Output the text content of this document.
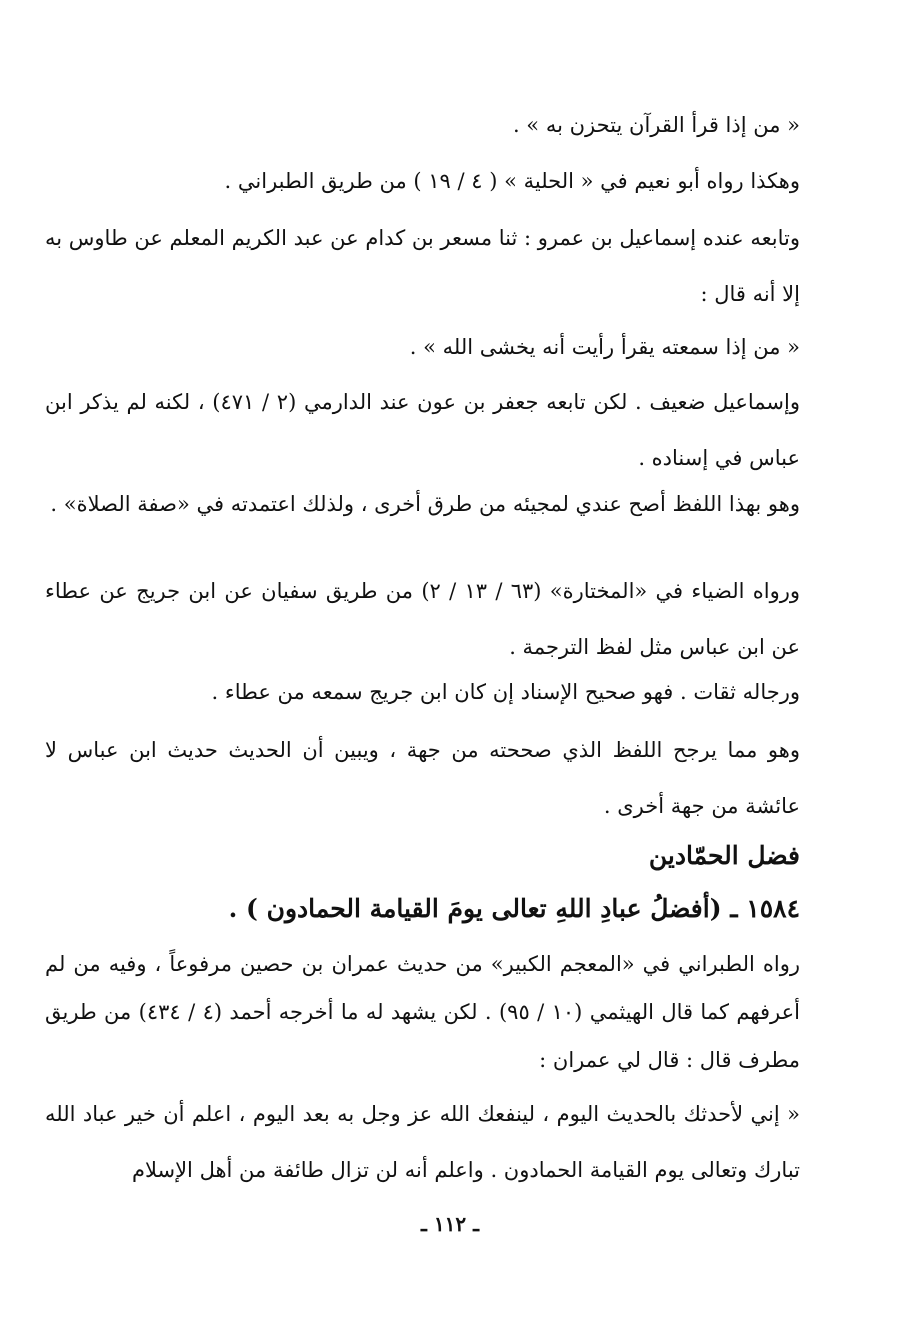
« من إذا قرأ القرآن يتحزن به » .
وهكذا رواه أبو نعيم في « الحلية » ( ٤ / ١٩ ) من طريق الطبراني .
وتابعه عنده إسماعيل بن عمرو : ثنا مسعر بن كدام عن عبد الكريم المعلم عن طاوس به إلا أنه قال :
« من إذا سمعته يقرأ رأيت أنه يخشى الله » .
وإسماعيل ضعيف . لكن تابعه جعفر بن عون عند الدارمي (٢ / ٤٧١) ، لكنه لم يذكر ابن عباس في إسناده .
وهو بهذا اللفظ أصح عندي لمجيئه من طرق أخرى ، ولذلك اعتمدته في «صفة الصلاة» .
ورواه الضياء في «المختارة» (٦٣ / ١٣ / ٢) من طريق سفيان عن ابن جريج عن عطاء عن ابن عباس مثل لفظ الترجمة .
ورجاله ثقات . فهو صحيح الإسناد إن كان ابن جريج سمعه من عطاء .
وهو مما يرجح اللفظ الذي صححته من جهة ، ويبين أن الحديث حديث ابن عباس لا عائشة من جهة أخرى .
فضل الحمّادين
١٥٨٤ ـ (أفضلُ عبادِ اللهِ تعالى يومَ القيامة الحمادون ) .
رواه الطبراني في «المعجم الكبير» من حديث عمران بن حصين مرفوعاً ، وفيه من لم أعرفهم كما قال الهيثمي (١٠ / ٩٥) . لكن يشهد له ما أخرجه أحمد (٤ / ٤٣٤) من طريق مطرف قال : قال لي عمران :
« إني لأحدثك بالحديث اليوم ، لينفعك الله عز وجل به بعد اليوم ، اعلم أن خير عباد الله تبارك وتعالى يوم القيامة الحمادون . واعلم أنه لن تزال طائفة من أهل الإسلام
ـ ١١٢ ـ
